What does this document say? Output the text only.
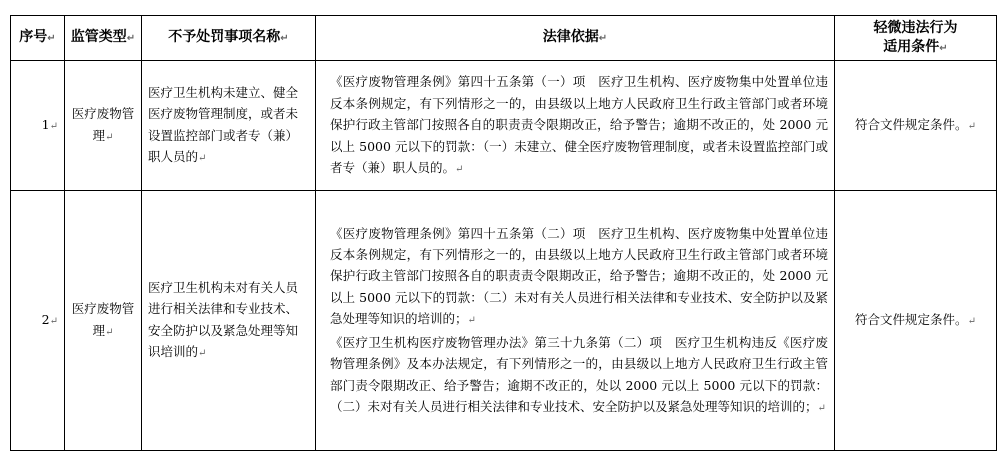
序号↵	监管类型↵	不予处罚事项名称↵	法律依据↵	轻微违法行为
适用条件↵
1↵	医疗废物管理↵	医疗卫生机构未建立、健全医疗废物管理制度，或者未设置监控部门或者专（兼）职人员的↵	《医疗废物管理条例》第四十五条第（一）项　医疗卫生机构、医疗废物集中处置单位违反本条例规定，有下列情形之一的，由县级以上地方人民政府卫生行政主管部门或者环境保护行政主管部门按照各自的职责责令限期改正，给予警告；逾期不改正的，处 2000 元以上 5000 元以下的罚款：（一）未建立、健全医疗废物管理制度，或者未设置监控部门或者专（兼）职人员的。↵	符合文件规定条件。↵
2↵	医疗废物管理↵	医疗卫生机构未对有关人员进行相关法律和专业技术、安全防护以及紧急处理等知识培训的↵	《医疗废物管理条例》第四十五条第（二）项　医疗卫生机构、医疗废物集中处置单位违反本条例规定，有下列情形之一的，由县级以上地方人民政府卫生行政主管部门或者环境保护行政主管部门按照各自的职责责令限期改正，给予警告；逾期不改正的，处 2000 元以上 5000 元以下的罚款：（二）未对有关人员进行相关法律和专业技术、安全防护以及紧急处理等知识的培训的；↵
《医疗卫生机构医疗废物管理办法》第三十九条第（二）项　医疗卫生机构违反《医疗废物管理条例》及本办法规定，有下列情形之一的，由县级以上地方人民政府卫生行政主管部门责令限期改正、给予警告；逾期不改正的，处以 2000 元以上 5000 元以下的罚款：（二）未对有关人员进行相关法律和专业技术、安全防护以及紧急处理等知识的培训的；↵	符合文件规定条件。↵
